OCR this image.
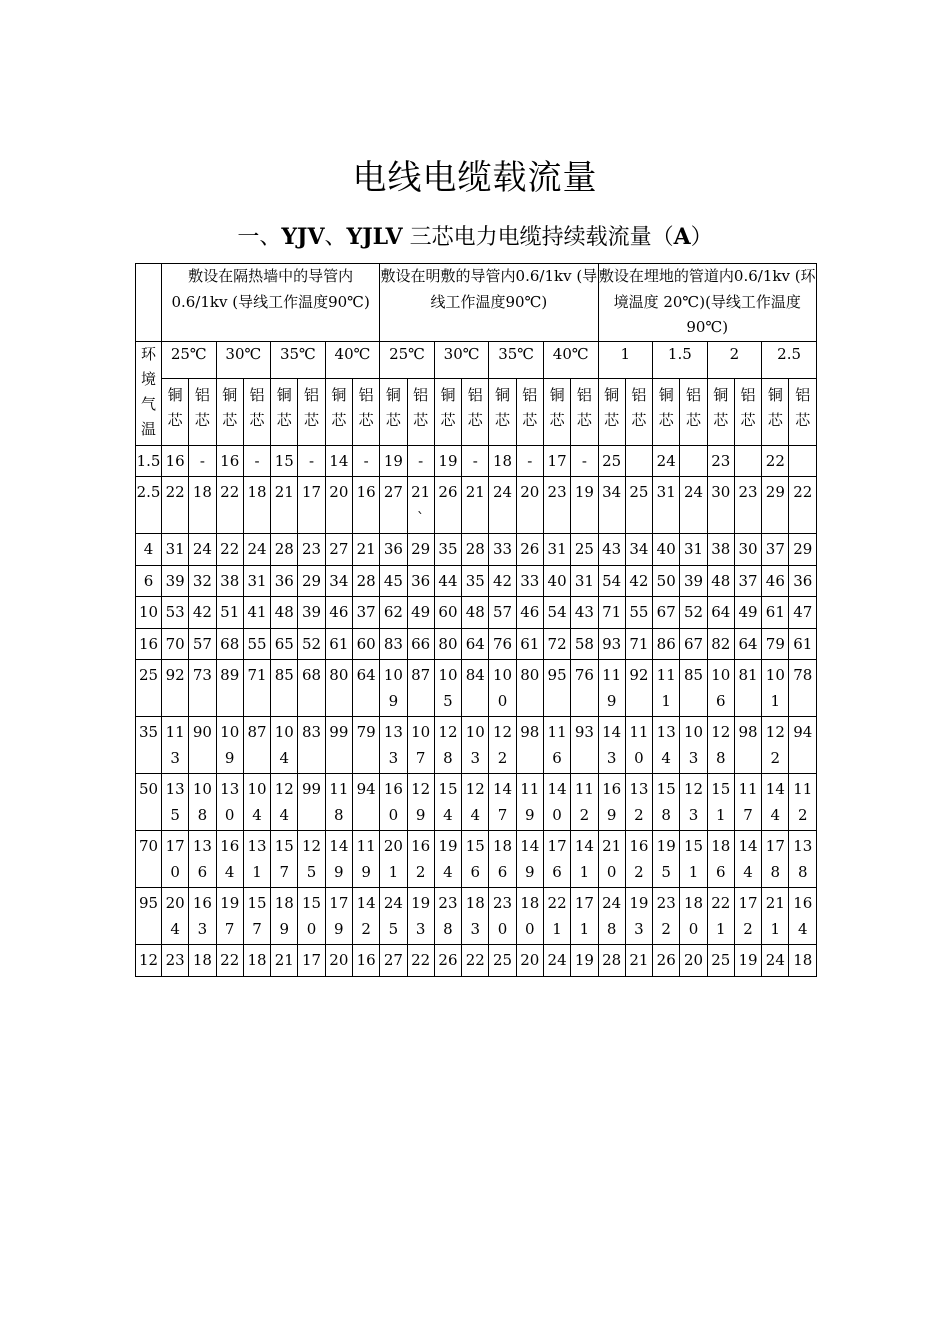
电线电缆载流量
一、YJV、YJLV 三芯电力电缆持续载流量（A）
	敷设在隔热墙中的导管内0.6/1kv (导线工作温度90℃)								敷设在明敷的导管内0.6/1kv (导线工作温度90℃)								敷设在埋地的管道内0.6/1kv (环境温度 20℃)(导线工作温度 90℃)							
环境气温	25℃		30℃		35℃		40℃		25℃		30℃		35℃		40℃		1		1.5		2		2.5	
	铜芯	铝芯	铜芯	铝芯	铜芯	铝芯	铜芯	铝芯	铜芯	铝芯	铜芯	铝芯	铜芯	铝芯	铜芯	铝芯	铜芯	铝芯	铜芯	铝芯	铜芯	铝芯	铜芯	铝芯
1.5	16	-	16	-	15	-	14	-	19	-	19	-	18	-	17	-	25		24		23		22	
2.5	22	18	22	18	21	17	20	16	27	21`	26	21	24	20	23	19	34	25	31	24	30	23	29	22
4	31	24	22	24	28	23	27	21	36	29	35	28	33	26	31	25	43	34	40	31	38	30	37	29
6	39	32	38	31	36	29	34	28	45	36	44	35	42	33	40	31	54	42	50	39	48	37	46	36
10	53	42	51	41	48	39	46	37	62	49	60	48	57	46	54	43	71	55	67	52	64	49	61	47
16	70	57	68	55	65	52	61	60	83	66	80	64	76	61	72	58	93	71	86	67	82	64	79	61
25	92	73	89	71	85	68	80	64	109	87	105	84	100	80	95	76	119	92	111	85	106	81	101	78
35	113	90	109	87	104	83	99	79	133	107	128	103	122	98	116	93	143	110	134	103	128	98	122	94
50	135	108	130	104	124	99	118	94	160	129	154	124	147	119	140	112	169	132	158	123	151	117	144	112
70	170	136	164	131	157	125	149	119	201	162	194	156	186	149	176	141	210	162	195	151	186	144	178	138
95	204	163	197	157	189	150	179	142	245	193	238	183	230	180	221	171	248	193	232	180	221	172	211	164
12	23	18	22	18	21	17	20	16	27	22	26	22	25	20	24	19	28	21	26	20	25	19	24	18
